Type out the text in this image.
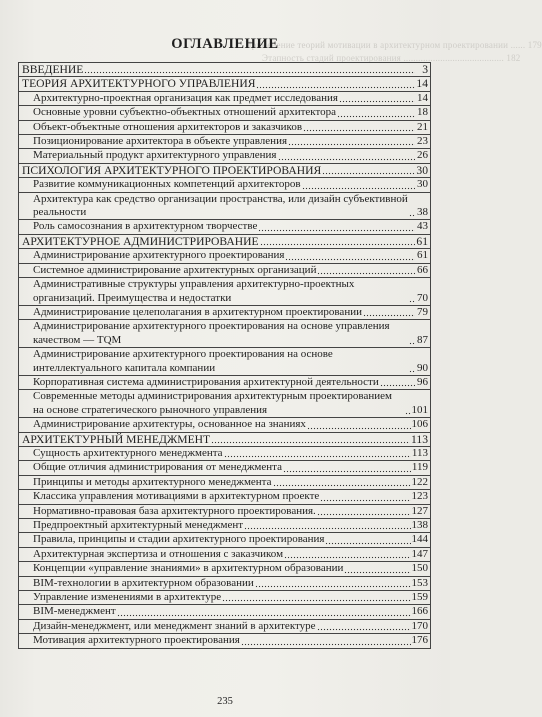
Применение теорий мотивации в архитектурном проектировании ...... 179
Этапность стадий проектирования ......................................... 182
ОГЛАВЛЕНИЕ
ВВЕДЕНИЕ	3
ТЕОРИЯ АРХИТЕКТУРНОГО УПРАВЛЕНИЯ	14
Архитектурно-проектная организация как предмет исследования	14
Основные уровни субъектно-объектных отношений архитектора	18
Объект-объектные отношения архитекторов и заказчиков	21
Позиционирование архитектора в объекте управления	23
Материальный продукт архитектурного управления	26
ПСИХОЛОГИЯ АРХИТЕКТУРНОГО ПРОЕКТИРОВАНИЯ	30
Развитие коммуникационных компетенций архитекторов	30
Архитектура как средство организации пространства, или дизайн субъективной реальности	38
Роль самосознания в архитектурном творчестве	43
АРХИТЕКТУРНОЕ АДМИНИСТРИРОВАНИЕ	61
Администрирование архитектурного проектирования	61
Системное администрирование архитектурных организаций	66
Административные структуры управления архитектурно-проектных организаций. Преимущества и недостатки	70
Администрирование целеполагания в архитектурном проектировании	79
Администрирование архитектурного проектирования на основе управления качеством — TQM	87
Администрирование архитектурного проектирования на основе интеллектуального капитала компании	90
Корпоративная система администрирования архитектурной деятельности	96
Современные методы администрирования архитектурным проектированием на основе стратегического рыночного управления	101
Администрирование архитектуры, основанное на знаниях	106
АРХИТЕКТУРНЫЙ МЕНЕДЖМЕНТ	113
Сущность архитектурного менеджмента	113
Общие отличия администрирования от менеджмента	119
Принципы и методы архитектурного менеджмента	122
Классика управления мотивациями в архитектурном проекте	123
Нормативно-правовая база архитектурного проектирования.	127
Предпроектный архитектурный менеджмент	138
Правила, принципы и стадии архитектурного проектирования	144
Архитектурная экспертиза и отношения с заказчиком	147
Концепции «управление знаниями» в архитектурном образовании	150
BIM-технологии в архитектурном образовании	153
Управление изменениями в архитектуре	159
BIM-менеджмент	166
Дизайн-менеджмент, или менеджмент знаний в архитектуре	170
Мотивация архитектурного проектирования	176
235
